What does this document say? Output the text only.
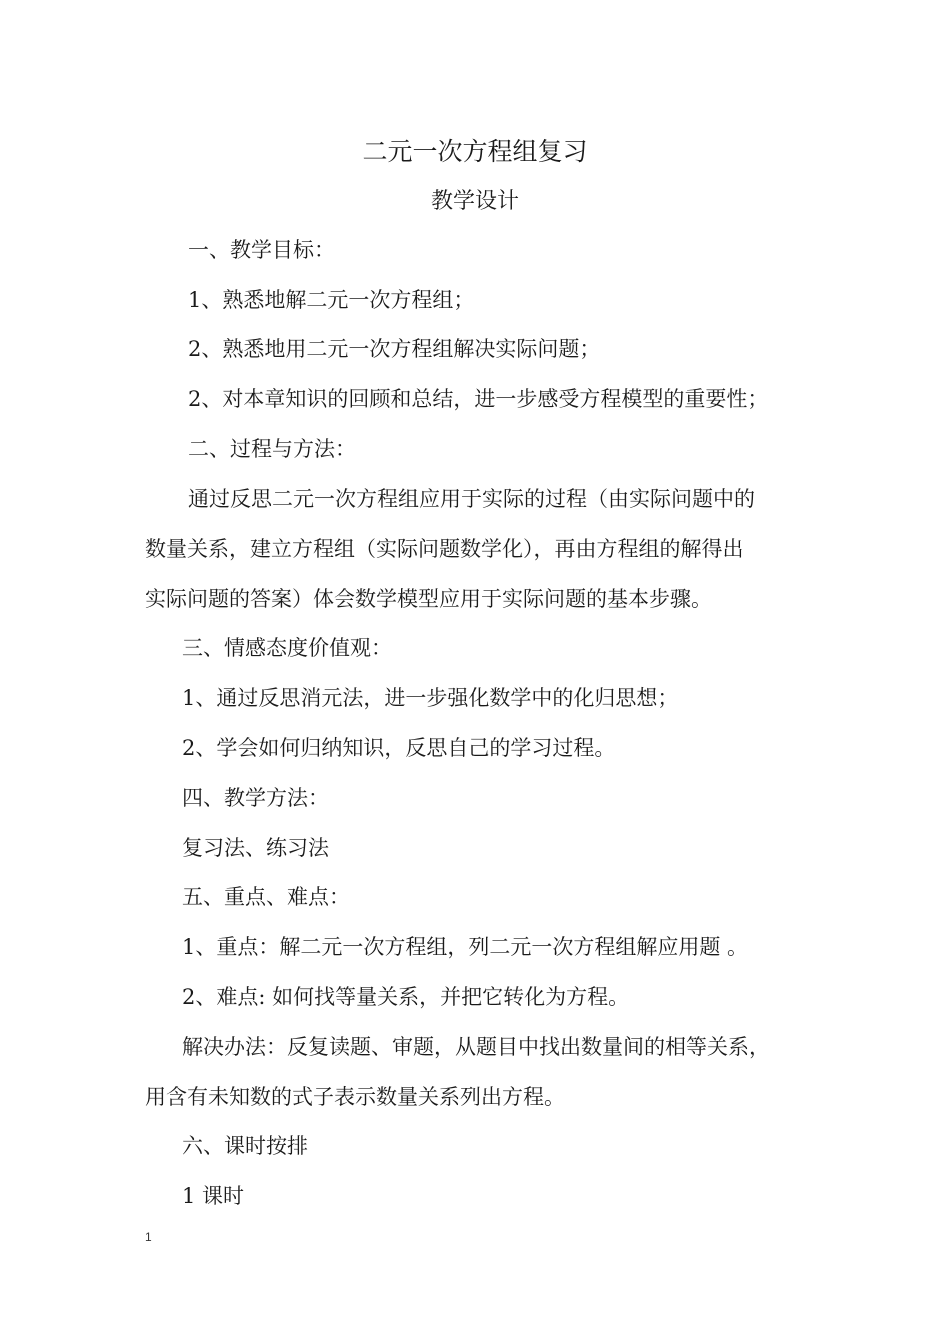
二元一次方程组复习
教学设计
一、教学目标：
1、熟悉地解二元一次方程组；
2、熟悉地用二元一次方程组解决实际问题；
2、对本章知识的回顾和总结，进一步感受方程模型的重要性；
二、过程与方法：
通过反思二元一次方程组应用于实际的过程（由实际问题中的
数量关系，建立方程组（实际问题数学化），再由方程组的解得出
实际问题的答案）体会数学模型应用于实际问题的基本步骤。
三、情感态度价值观：
1、通过反思消元法，进一步强化数学中的化归思想；
2、学会如何归纳知识，反思自己的学习过程。
四、教学方法：
复习法、练习法
五、重点、难点：
1、重点：解二元一次方程组，列二元一次方程组解应用题 。
2、难点: 如何找等量关系，并把它转化为方程。
解决办法：反复读题、审题，从题目中找出数量间的相等关系，
用含有未知数的式子表示数量关系列出方程。
六、课时按排
1 课时
1
